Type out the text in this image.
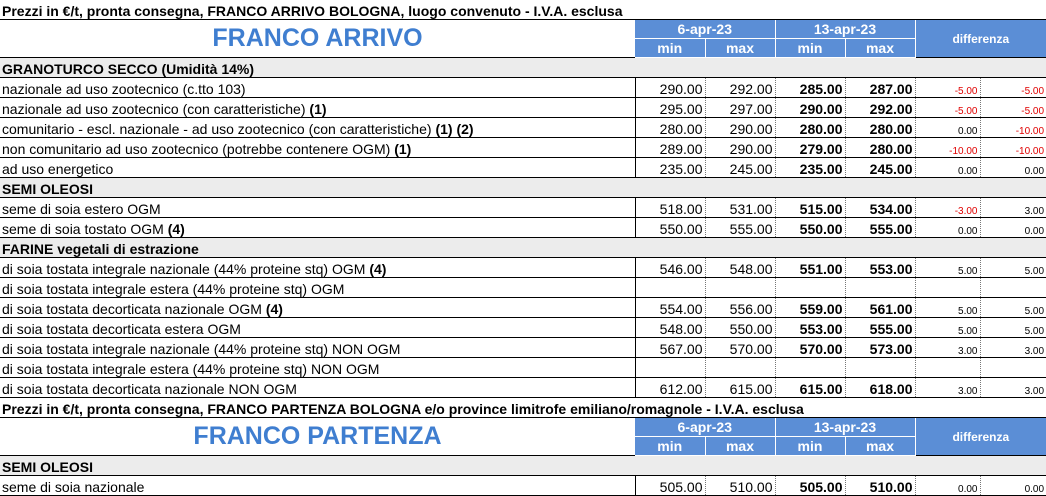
Prezzi in €/t, pronta consegna, FRANCO ARRIVO BOLOGNA, luogo convenuto - I.V.A. esclusa						
FRANCO ARRIVO	6-apr-23		13-apr-23		differenza	
	min	max	min	max		
GRANOTURCO SECCO (Umidità 14%)						
nazionale ad uso zootecnico (c.tto 103)	290.00	292.00	285.00	287.00	-5.00	-5.00
nazionale ad uso zootecnico (con caratteristiche) (1)	295.00	297.00	290.00	292.00	-5.00	-5.00
comunitario - escl. nazionale - ad uso zootecnico (con caratteristiche) (1) (2)	280.00	290.00	280.00	280.00	0.00	-10.00
non comunitario ad uso zootecnico (potrebbe contenere OGM) (1)	289.00	290.00	279.00	280.00	-10.00	-10.00
ad uso energetico	235.00	245.00	235.00	245.00	0.00	0.00
SEMI OLEOSI						
seme di soia estero OGM	518.00	531.00	515.00	534.00	-3.00	3.00
seme di soia tostato OGM (4)	550.00	555.00	550.00	555.00	0.00	0.00
FARINE vegetali di estrazione						
di soia tostata integrale nazionale (44% proteine stq) OGM (4)	546.00	548.00	551.00	553.00	5.00	5.00
di soia tostata integrale estera (44% proteine stq) OGM						
di soia tostata decorticata nazionale OGM (4)	554.00	556.00	559.00	561.00	5.00	5.00
di soia tostata decorticata estera OGM	548.00	550.00	553.00	555.00	5.00	5.00
di soia tostata integrale nazionale (44% proteine stq) NON OGM	567.00	570.00	570.00	573.00	3.00	3.00
di soia tostata integrale estera (44% proteine stq) NON OGM						
di soia tostata decorticata nazionale NON OGM	612.00	615.00	615.00	618.00	3.00	3.00
Prezzi in €/t, pronta consegna, FRANCO PARTENZA BOLOGNA e/o province limitrofe emiliano/romagnole - I.V.A. esclusa						
FRANCO PARTENZA	6-apr-23		13-apr-23		differenza	
	min	max	min	max		
SEMI OLEOSI						
seme di soia nazionale	505.00	510.00	505.00	510.00	0.00	0.00
